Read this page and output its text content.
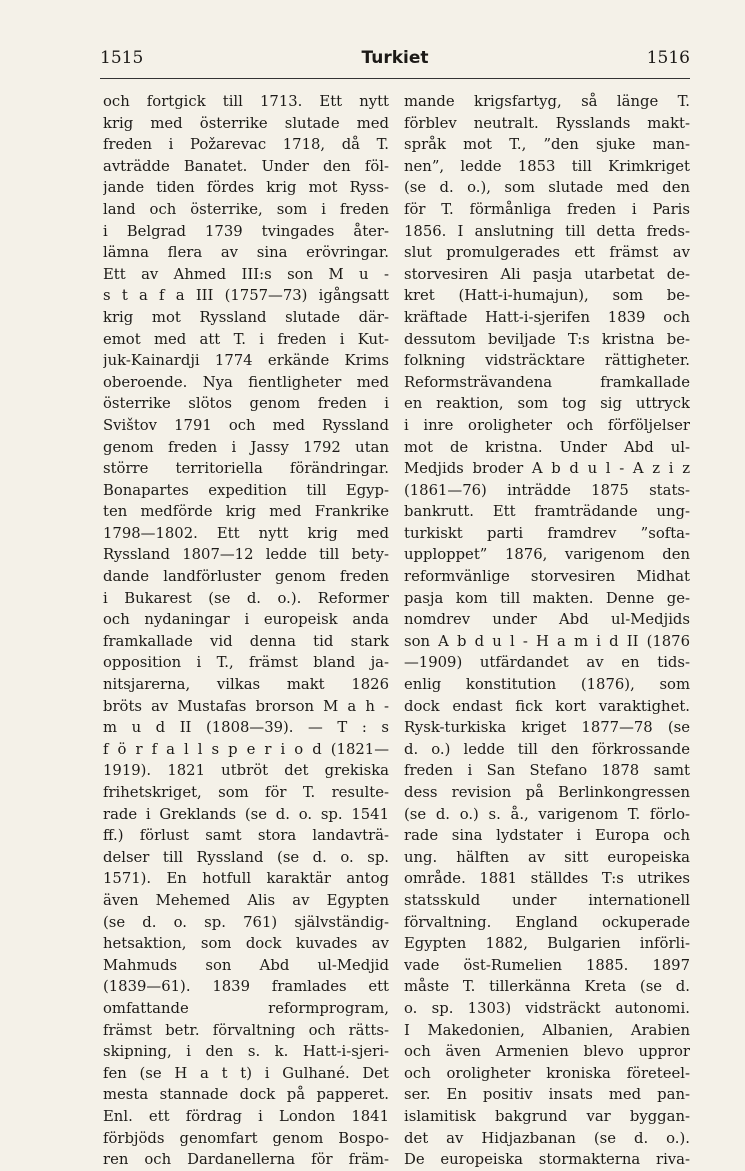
1515	Turkiet	1516
och fortgick till 1713. Ett nytt
krig med österrike slutade med
freden i Požarevac 1718, då T.
avträdde Banatet. Under den föl-
jande tiden fördes krig mot Ryss-
land och österrike, som i freden
i Belgrad 1739 tvingades åter-
lämna flera av sina erövringar.
Ett av Ahmed III:s son M u -
s t a f a III (1757—73) igångsatt
krig mot Ryssland slutade där-
emot med att T. i freden i Kut-
juk-Kainardji 1774 erkände Krims
oberoende. Nya fientligheter med
österrike slötos genom freden i
Svištov 1791 och med Ryssland
genom freden i Jassy 1792 utan
större territoriella förändringar.
Bonapartes expedition till Egyp-
ten medförde krig med Frankrike
1798—1802. Ett nytt krig med
Ryssland 1807—12 ledde till bety-
dande landförluster genom freden
i Bukarest (se d. o.). Reformer
och nydaningar i europeisk anda
framkallade vid denna tid stark
opposition i T., främst bland ja-
nitsjarerna, vilkas makt 1826
bröts av Mustafas brorson M a h -
m u d II (1808—39). — T : s
f ö r f a l l s p e r i o d (1821—
1919). 1821 utbröt det grekiska
frihetskriget, som för T. resulte-
rade i Greklands (se d. o. sp. 1541
ff.) förlust samt stora landavträ-
delser till Ryssland (se d. o. sp.
1571). En hotfull karaktär antog
även Mehemed Alis av Egypten
(se d. o. sp. 761) självständig-
hetsaktion, som dock kuvades av
Mahmuds son Abd ul-Medjid
(1839—61). 1839 framlades ett
omfattande reformprogram,
främst betr. förvaltning och rätts-
skipning, i den s. k. Hatt-i-sjeri-
fen (se H a t t) i Gulhané. Det
mesta stannade dock på papperet.
Enl. ett fördrag i London 1841
förbjöds genomfart genom Bospo-
ren och Dardanellerna för främ-
mande krigsfartyg, så länge T.
förblev neutralt. Rysslands makt-
språk mot T., ”den sjuke man-
nen”, ledde 1853 till Krimkriget
(se d. o.), som slutade med den
för T. förmånliga freden i Paris
1856. I anslutning till detta freds-
slut promulgerades ett främst av
storvesiren Ali pasja utarbetat de-
kret (Hatt-i-humajun), som be-
kräftade Hatt-i-sjerifen 1839 och
dessutom beviljade T:s kristna be-
folkning vidsträcktare rättigheter.
Reformsträvandena framkallade
en reaktion, som tog sig uttryck
i inre oroligheter och förföljelser
mot de kristna. Under Abd ul-
Medjids broder A b d u l - A z i z
(1861—76) inträdde 1875 stats-
bankrutt. Ett framträdande ung-
turkiskt parti framdrev ”softa-
upploppet” 1876, varigenom den
reformvänlige storvesiren Midhat
pasja kom till makten. Denne ge-
nomdrev under Abd ul-Medjids
son A b d u l - H a m i d II (1876
—1909) utfärdandet av en tids-
enlig konstitution (1876), som
dock endast fick kort varaktighet.
Rysk-turkiska kriget 1877—78 (se
d. o.) ledde till den förkrossande
freden i San Stefano 1878 samt
dess revision på Berlinkongressen
(se d. o.) s. å., varigenom T. förlo-
rade sina lydstater i Europa och
ung. hälften av sitt europeiska
område. 1881 ställdes T:s utrikes
statsskuld under internationell
förvaltning. England ockuperade
Egypten 1882, Bulgarien införli-
vade öst-Rumelien 1885. 1897
måste T. tillerkänna Kreta (se d.
o. sp. 1303) vidsträckt autonomi.
I Makedonien, Albanien, Arabien
och även Armenien blevo uppror
och oroligheter kroniska företeel-
ser. En positiv insats med pan-
islamitisk bakgrund var byggan-
det av Hidjazbanan (se d. o.).
De europeiska stormakterna riva-
